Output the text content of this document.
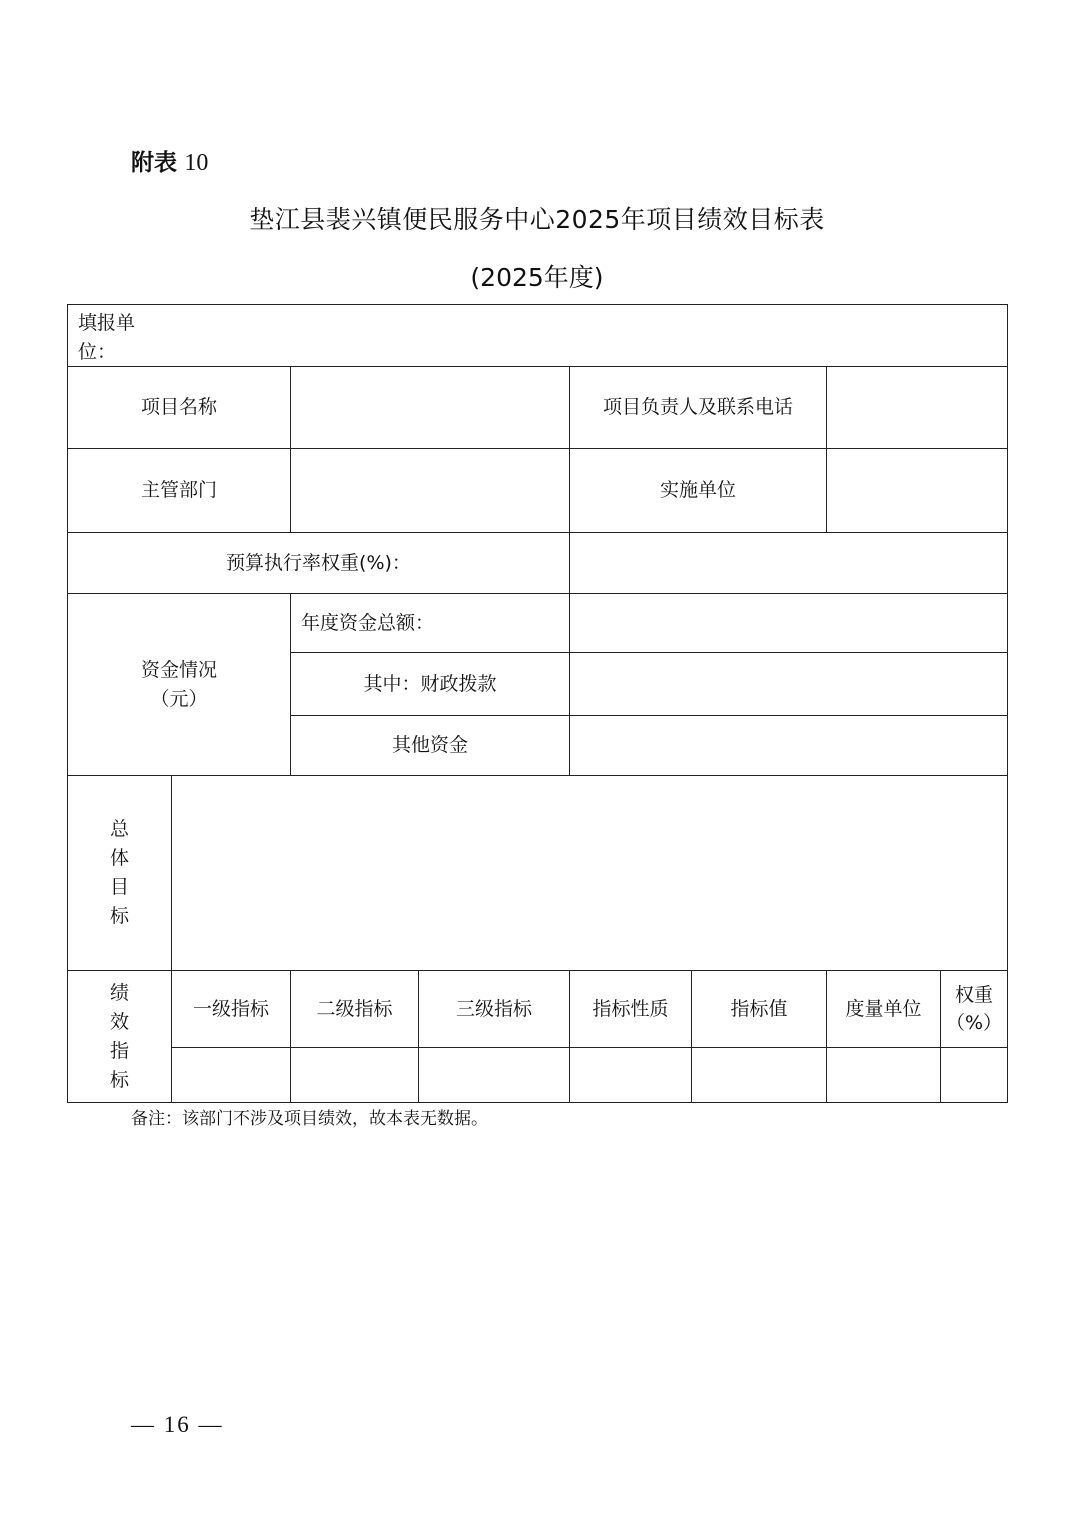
附表 10
垫江县裴兴镇便民服务中心2025年项目绩效目标表
(2025年度)
填报单位：							

项目名称				项目负责人及联系电话			
主管部门				实施单位			
预算执行率权重(%)：							

资金情况
（元）		年度资金总额：					
		其中：财政拨款					
		其他资金					

总
体
目
标							

绩
效
指
标	一级指标	二级指标	三级指标	指标性质	指标值	度量单位	权重（%）

备注：该部门不涉及项目绩效，故本表无数据。
— 16 —
